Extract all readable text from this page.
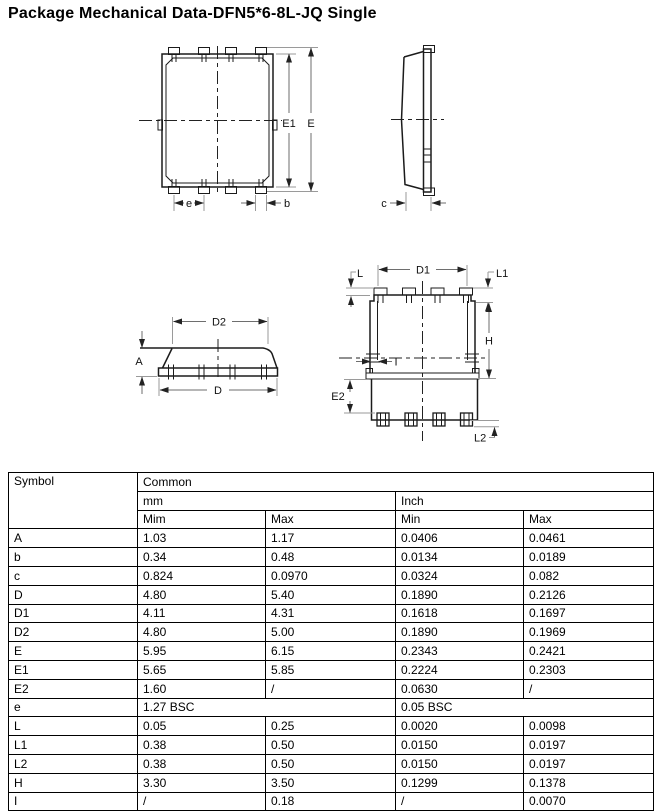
Package Mechanical Data-DFN5*6-8L-JQ Single
E1 E
e	b	c
A
D2
D
D1
L	L1
H
E2
I
L2
Symbol	Common			
	mm		Inch	
	Mim	Max	Min	Max
A	1.03	1.17	0.0406	0.0461
b	0.34	0.48	0.0134	0.0189
c	0.824	0.0970	0.0324	0.082
D	4.80	5.40	0.1890	0.2126
D1	4.11	4.31	0.1618	0.1697
D2	4.80	5.00	0.1890	0.1969
E	5.95	6.15	0.2343	0.2421
E1	5.65	5.85	0.2224	0.2303
E2	1.60	/	0.0630	/
e	1.27 BSC		0.05 BSC	
L	0.05	0.25	0.0020	0.0098
L1	0.38	0.50	0.0150	0.0197
L2	0.38	0.50	0.0150	0.0197
H	3.30	3.50	0.1299	0.1378
I	/	0.18	/	0.0070
